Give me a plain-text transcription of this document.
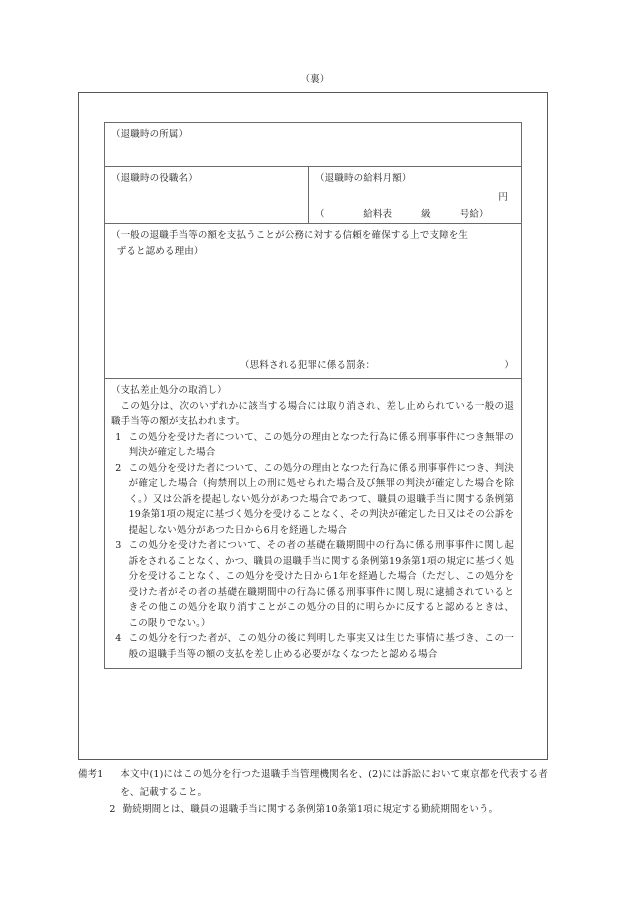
（裏）
（退職時の所属）
（退職時の役職名）	（退職時の給料月額）
円
（　　　　給料表　　　級　　　号給）
（一般の退職手当等の額を支払うことが公務に対する信頼を確保する上で支障を生
ずると認める理由）
（思料される犯罪に係る罰条：	）

（支払差止処分の取消し）

この処分は、次のいずれかに該当する場合には取り消され、差し止められている一般の退職手当等の額が支払われます。

1 この処分を受けた者について、この処分の理由となつた行為に係る刑事事件につき無罪の判決が確定した場合
2 この処分を受けた者について、この処分の理由となつた行為に係る刑事事件につき、判決が確定した場合（拘禁刑以上の刑に処せられた場合及び無罪の判決が確定した場合を除く。）又は公訴を提起しない処分があつた場合であつて、職員の退職手当に関する条例第19条第1項の規定に基づく処分を受けることなく、その判決が確定した日又はその公訴を提起しない処分があつた日から6月を経過した場合
3 この処分を受けた者について、その者の基礎在職期間中の行為に係る刑事事件に関し起訴をされることなく、かつ、職員の退職手当に関する条例第19条第1項の規定に基づく処分を受けることなく、この処分を受けた日から1年を経過した場合（ただし、この処分を受けた者がその者の基礎在職期間中の行為に係る刑事事件に関し現に逮捕されているときその他この処分を取り消すことがこの処分の目的に明らかに反すると認めるときは、この限りでない。）
4 この処分を行つた者が、この処分の後に判明した事実又は生じた事情に基づき、この一般の退職手当等の額の支払を差し止める必要がなくなつたと認める場合
備考1	本文中(1)にはこの処分を行つた退職手当管理機関名を、(2)には訴訟において東京都を代表する者を、記載すること。
2 勤続期間とは、職員の退職手当に関する条例第10条第1項に規定する勤続期間をいう。
